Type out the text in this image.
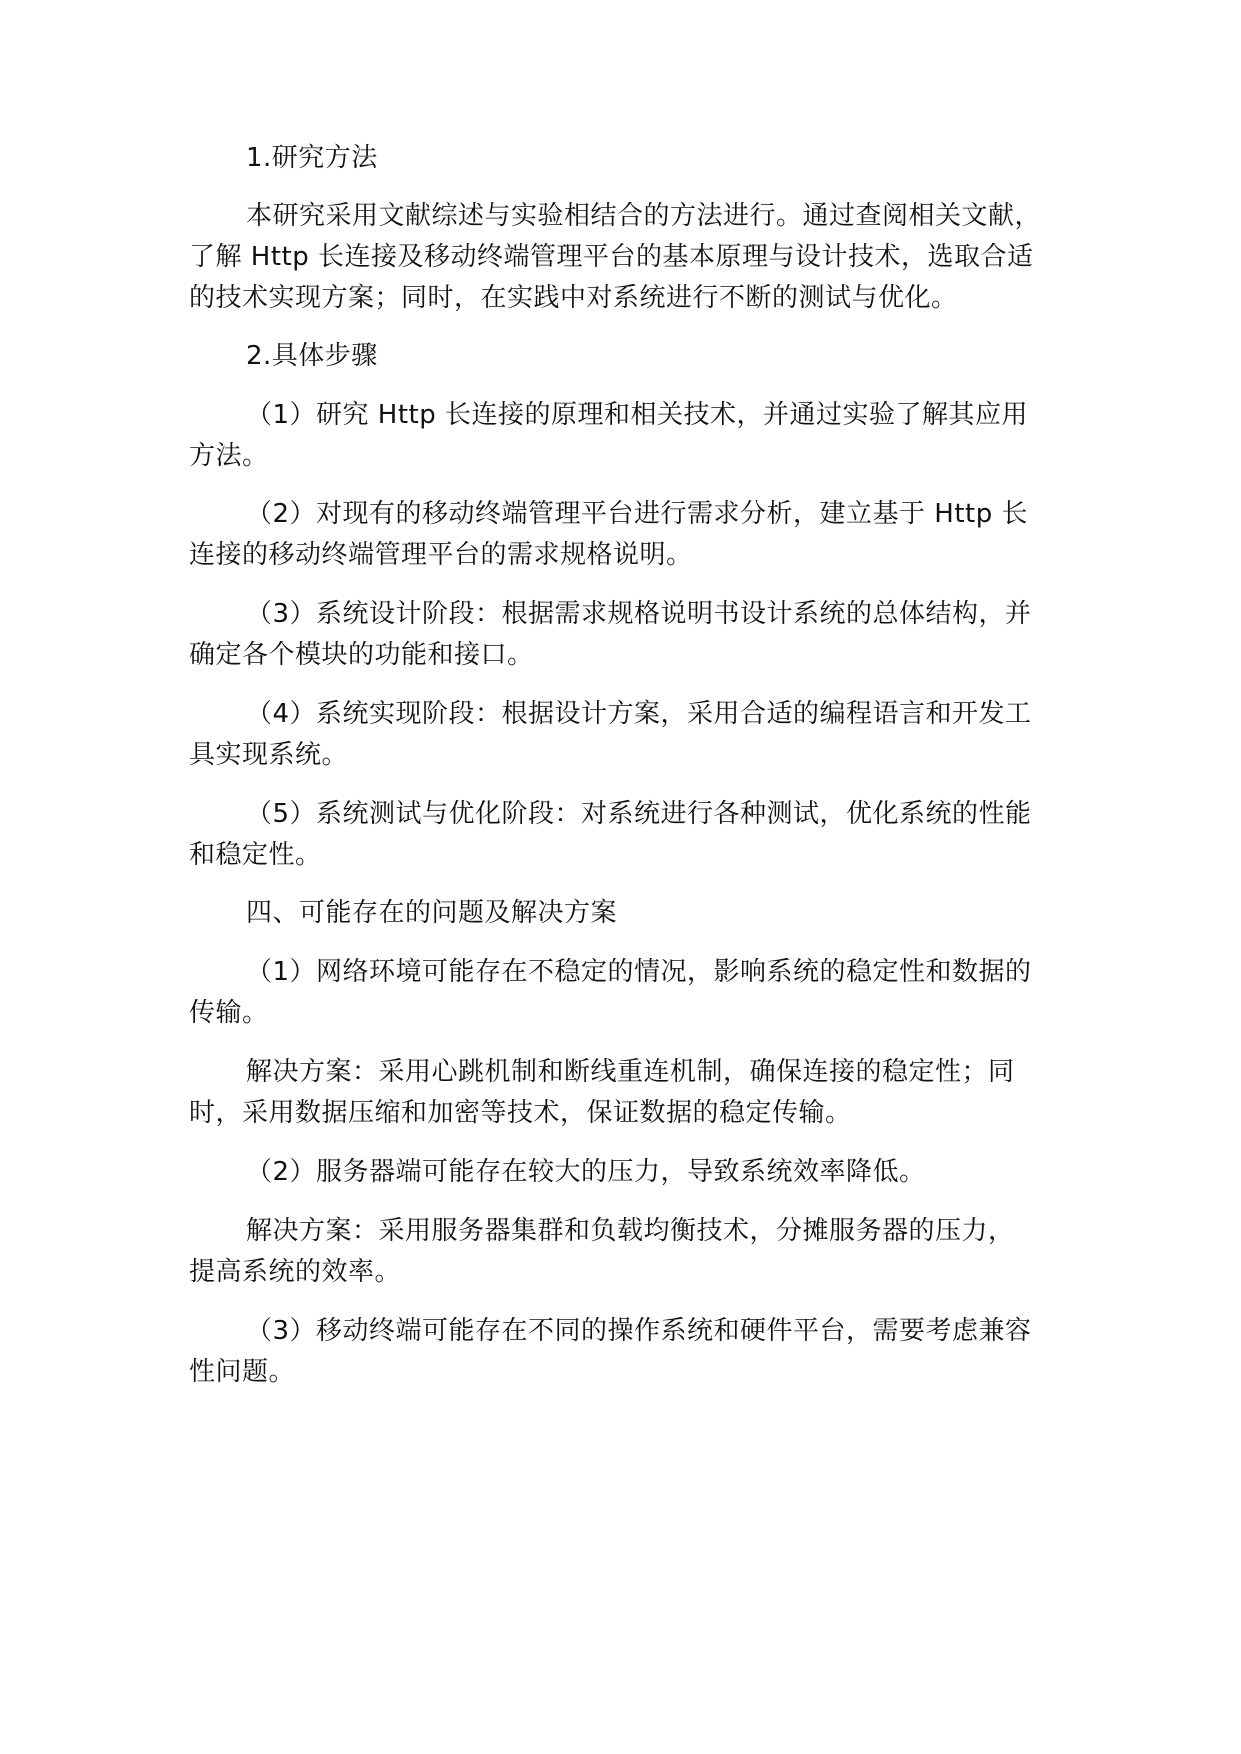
1.研究方法
本研究采用文献综述与实验相结合的方法进行。通过查阅相关文献，
了解 Http 长连接及移动终端管理平台的基本原理与设计技术，选取合适
的技术实现方案；同时，在实践中对系统进行不断的测试与优化。
2.具体步骤
（1）研究 Http 长连接的原理和相关技术，并通过实验了解其应用
方法。
（2）对现有的移动终端管理平台进行需求分析，建立基于 Http 长
连接的移动终端管理平台的需求规格说明。
（3）系统设计阶段：根据需求规格说明书设计系统的总体结构，并
确定各个模块的功能和接口。
（4）系统实现阶段：根据设计方案，采用合适的编程语言和开发工
具实现系统。
（5）系统测试与优化阶段：对系统进行各种测试，优化系统的性能
和稳定性。
四、可能存在的问题及解决方案
（1）网络环境可能存在不稳定的情况，影响系统的稳定性和数据的
传输。
解决方案：采用心跳机制和断线重连机制，确保连接的稳定性；同
时，采用数据压缩和加密等技术，保证数据的稳定传输。
（2）服务器端可能存在较大的压力，导致系统效率降低。
解决方案：采用服务器集群和负载均衡技术，分摊服务器的压力，
提高系统的效率。
（3）移动终端可能存在不同的操作系统和硬件平台，需要考虑兼容
性问题。
